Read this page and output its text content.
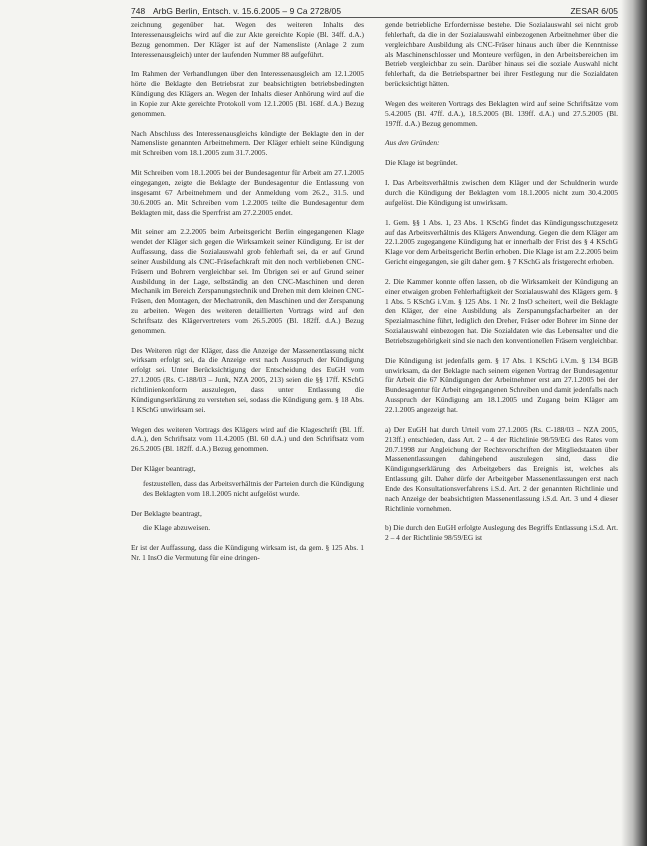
748 ArbG Berlin, Entsch. v. 15.6.2005 – 9 Ca 2728/05	ZESAR 6/05

zeichnung gegenüber hat. Wegen des weiteren Inhalts des Interessenausgleichs wird auf die zur Akte gereichte Kopie (Bl. 34ff. d.A.) Bezug genommen. Der Kläger ist auf der Namensliste (Anlage 2 zum Interessenausgleich) unter der laufenden Nummer 88 aufgeführt.

Im Rahmen der Verhandlungen über den Interessenausgleich am 12.1.2005 hörte die Beklagte den Betriebsrat zur beabsichtigten betriebsbedingten Kündigung des Klägers an. Wegen der Inhalts dieser Anhörung wird auf die in Kopie zur Akte gereichte Protokoll vom 12.1.2005 (Bl. 168f. d.A.) Bezug genommen.

Nach Abschluss des Interessenausgleichs kündigte der Beklagte den in der Namensliste genannten Arbeitnehmern. Der Kläger erhielt seine Kündigung mit Schreiben vom 18.1.2005 zum 31.7.2005.

Mit Schreiben vom 18.1.2005 bei der Bundesagentur für Arbeit am 27.1.2005 eingegangen, zeigte die Beklagte der Bundesagentur die Entlassung von insgesamt 67 Arbeitnehmern und der Anmeldung vom 26.2., 31.5. und 30.6.2005 an. Mit Schreiben vom 1.2.2005 teilte die Bundesagentur dem Beklagten mit, dass die Sperrfrist am 27.2.2005 endet.

Mit seiner am 2.2.2005 beim Arbeitsgericht Berlin eingegangenen Klage wendet der Kläger sich gegen die Wirksamkeit seiner Kündigung. Er ist der Auffassung, dass die Sozialauswahl grob fehlerhaft sei, da er auf Grund seiner Ausbildung als CNC-Fräsefachkraft mit den noch verbliebenen CNC-Fräsern und Bohrern vergleichbar sei. Im Übrigen sei er auf Grund seiner Ausbildung in der Lage, selbständig an den CNC-Maschinen und deren Mechanik im Bereich Zerspanungstechnik und Drehen mit dem kleinen CNC-Fräsen, den Montagen, der Mechatronik, den Maschinen und der Zerspanung zu arbeiten. Wegen des weiteren detaillierten Vortrags wird auf den Schriftsatz des Klägervertreters vom 26.5.2005 (Bl. 182ff. d.A.) Bezug genommen.

Des Weiteren rügt der Kläger, dass die Anzeige der Massenentlassung nicht wirksam erfolgt sei, da die Anzeige erst nach Ausspruch der Kündigung erfolgt sei. Unter Berücksichtigung der Entscheidung des EuGH vom 27.1.2005 (Rs. C-188/03 – Junk, NZA 2005, 213) seien die §§ 17ff. KSchG richtlinienkonform auszulegen, dass unter Entlassung die Kündigungserklärung zu verstehen sei, sodass die Kündigung gem. § 18 Abs. 1 KSchG unwirksam sei.

Wegen des weiteren Vortrags des Klägers wird auf die Klageschrift (Bl. 1ff. d.A.), den Schriftsatz vom 11.4.2005 (Bl. 60 d.A.) und den Schriftsatz vom 26.5.2005 (Bl. 182ff. d.A.) Bezug genommen.

Der Kläger beantragt,

festzustellen, dass das Arbeitsverhältnis der Parteien durch die Kündigung des Beklagten vom 18.1.2005 nicht aufgelöst wurde.

Der Beklagte beantragt,

die Klage abzuweisen.

Er ist der Auffassung, dass die Kündigung wirksam ist, da gem. § 125 Abs. 1 Nr. 1 InsO die Vermutung für eine dringen-

gende betriebliche Erfordernisse bestehe. Die Sozialauswahl sei nicht grob fehlerhaft, da die in der Sozialauswahl einbezogenen Arbeitnehmer über die vergleichbare Ausbildung als CNC-Fräser hinaus auch über die Kenntnisse als Maschinenschlosser und Monteure verfügen, in den Arbeitsbereichen im Betrieb vergleichbar zu sein. Darüber hinaus sei die soziale Auswahl nicht fehlerhaft, da die Betriebspartner bei ihrer Festlegung nur die Sozialdaten berücksichtigt hätten.

Wegen des weiteren Vortrags des Beklagten wird auf seine Schriftsätze vom 5.4.2005 (Bl. 47ff. d.A.), 18.5.2005 (Bl. 139ff. d.A.) und 27.5.2005 (Bl. 197ff. d.A.) Bezug genommen.

Aus den Gründen:

Die Klage ist begründet.

I. Das Arbeitsverhältnis zwischen dem Kläger und der Schuldnerin wurde durch die Kündigung der Beklagten vom 18.1.2005 nicht zum 30.4.2005 aufgelöst. Die Kündigung ist unwirksam.

1. Gem. §§ 1 Abs. 1, 23 Abs. 1 KSchG findet das Kündigungsschutzgesetz auf das Arbeitsverhältnis des Klägers Anwendung. Gegen die dem Kläger am 22.1.2005 zugegangene Kündigung hat er innerhalb der Frist des § 4 KSchG Klage vor dem Arbeitsgericht Berlin erhoben. Die Klage ist am 2.2.2005 beim Gericht eingegangen, sie gilt daher gem. § 7 KSchG als fristgerecht erhoben.

2. Die Kammer konnte offen lassen, ob die Wirksamkeit der Kündigung an einer etwaigen groben Fehlerhaftigkeit der Sozialauswahl des Klägers gem. § 1 Abs. 5 KSchG i.V.m. § 125 Abs. 1 Nr. 2 InsO scheitert, weil die Beklagte den Kläger, der eine Ausbildung als Zerspanungsfacharbeiter an der Spezialmaschine führt, lediglich den Dreher, Fräser oder Bohrer im Sinne der Sozialauswahl einbezogen hat. Die Sozialdaten wie das Lebensalter und die Betriebszugehörigkeit sind sie nach den konventionellen Fräsern vergleichbar.

Die Kündigung ist jedenfalls gem. § 17 Abs. 1 KSchG i.V.m. § 134 BGB unwirksam, da der Beklagte nach seinem eigenen Vortrag der Bundesagentur für Arbeit die 67 Kündigungen der Arbeitnehmer erst am 27.1.2005 bei der Bundesagentur für Arbeit eingegangenen Schreiben und damit jedenfalls nach Ausspruch der Kündigung am 18.1.2005 und Zugang beim Kläger am 22.1.2005 angezeigt hat.

a) Der EuGH hat durch Urteil vom 27.1.2005 (Rs. C-188/03 – NZA 2005, 213ff.) entschieden, dass Art. 2 – 4 der Richtlinie 98/59/EG des Rates vom 20.7.1998 zur Angleichung der Rechtsvorschriften der Mitgliedstaaten über Massenentlassungen dahingehend auszulegen sind, dass die Kündigungserklärung des Arbeitgebers das Ereignis ist, welches als Entlassung gilt. Daher dürfe der Arbeitgeber Massenentlassungen erst nach Ende des Konsultationsverfahrens i.S.d. Art. 2 der genannten Richtlinie und nach Anzeige der beabsichtigten Massenentlassung i.S.d. Art. 3 und 4 dieser Richtlinie vornehmen.

b) Die durch den EuGH erfolgte Auslegung des Begriffs Entlassung i.S.d. Art. 2 – 4 der Richtlinie 98/59/EG ist
